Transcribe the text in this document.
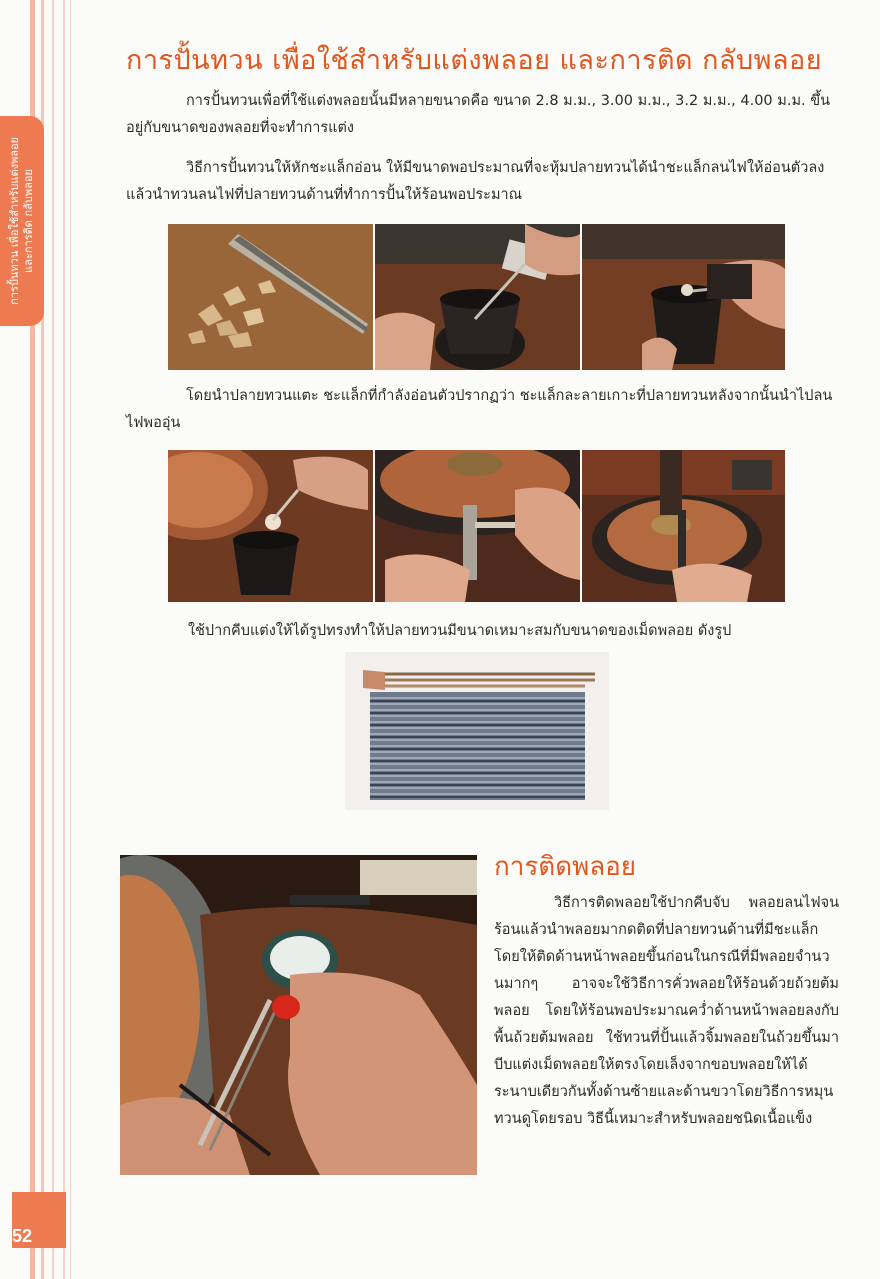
การปั้นทวน เพื่อใช้สำหรับแต่งพลอย และการติด กลับพลอย
การปั้นทวน เพื่อใช้สำหรับแต่งพลอย และการติด กลับพลอย

การปั้นทวนเพื่อที่ใช้แต่งพลอยนั้นมีหลายขนาดคือ ขนาด 2.8 ม.ม., 3.00 ม.ม., 3.2 ม.ม., 4.00 ม.ม. ขึ้นอยู่กับขนาดของพลอยที่จะทำการแต่ง

วิธีการปั้นทวนให้หักชะแล็กอ่อน ให้มีขนาดพอประมาณที่จะหุ้มปลายทวนได้นำชะแล็กลนไฟให้อ่อนตัวลงแล้วนำทวนลนไฟที่ปลายทวนด้านที่ทำการปั้นให้ร้อนพอประมาณ

โดยนำปลายทวนแตะ ชะแล็กที่กำลังอ่อนตัวปรากฏว่า ชะแล็กละลายเกาะที่ปลายทวนหลังจากนั้นนำไปลนไฟพออุ่น

ใช้ปากคีบแต่งให้ได้รูปทรงทำให้ปลายทวนมีขนาดเหมาะสมกับขนาดของเม็ดพลอย ดังรูป

การติดพลอย

วิธีการติดพลอยใช้ปากคีบจับ พลอยลนไฟจนร้อนแล้วนำพลอยมากดติดที่ปลายทวนด้านที่มีชะแล็ก โดยให้ติดด้านหน้าพลอยขึ้นก่อนในกรณีที่มีพลอยจำนวนมากๆ อาจจะใช้วิธีการคั่วพลอยให้ร้อนด้วยถ้วยต้มพลอย โดยให้ร้อนพอประมาณคว่ำด้านหน้าพลอยลงกับพื้นถ้วยต้มพลอย ใช้ทวนที่ปั้นแล้วจิ้มพลอยในถ้วยขึ้นมาบีบแต่งเม็ดพลอยให้ตรงโดยเล็งจากขอบพลอยให้ได้ระนาบเดียวกันทั้งด้านซ้ายและด้านขวาโดยวิธีการหมุนทวนดูโดยรอบ วิธีนี้เหมาะสำหรับพลอยชนิดเนื้อแข็ง

52
